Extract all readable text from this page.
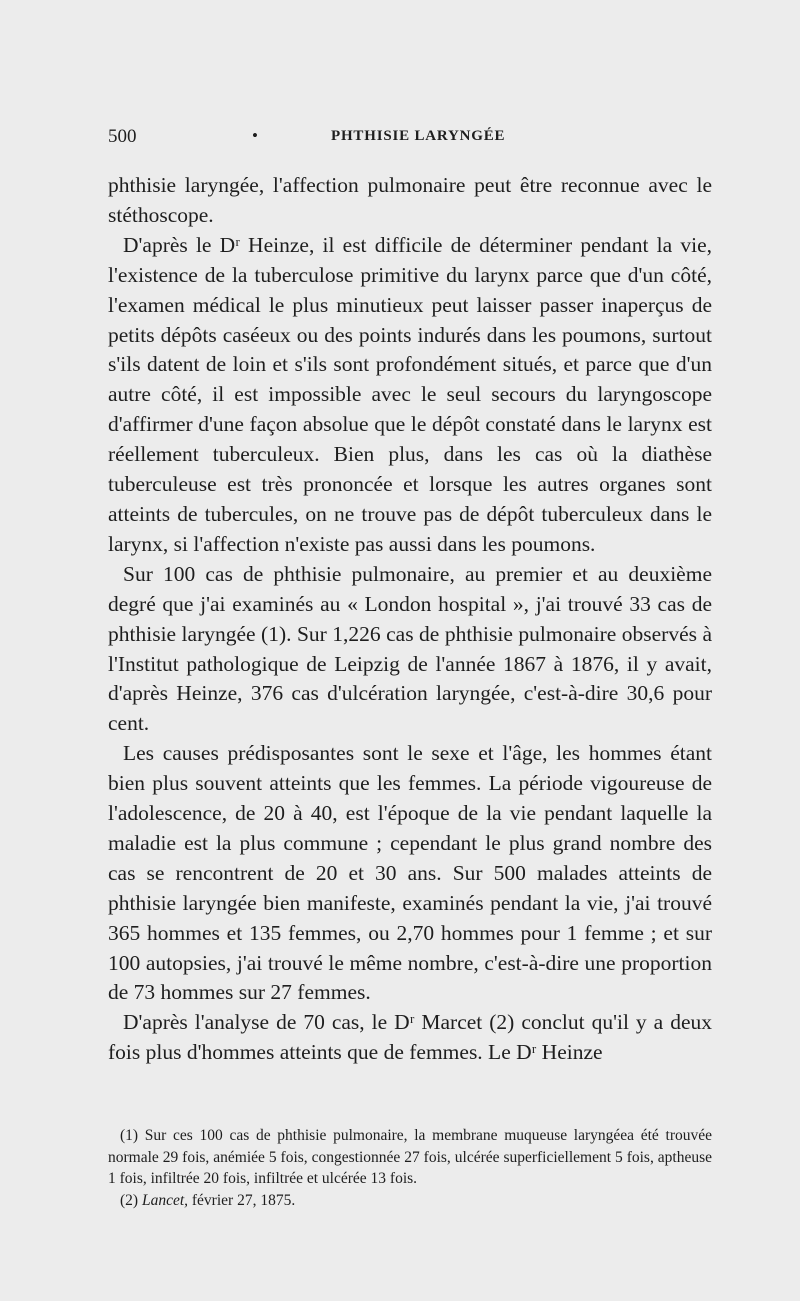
500	•	PHTHISIE LARYNGÉE

phthisie laryngée, l'affection pulmonaire peut être reconnue avec le stéthoscope.

D'après le Dʳ Heinze, il est difficile de déterminer pendant la vie, l'existence de la tuberculose primitive du larynx parce que d'un côté, l'examen médical le plus minutieux peut laisser passer inaperçus de petits dépôts caséeux ou des points indurés dans les poumons, surtout s'ils datent de loin et s'ils sont profondément situés, et parce que d'un autre côté, il est impossible avec le seul secours du laryngoscope d'affirmer d'une façon absolue que le dépôt constaté dans le larynx est réellement tuberculeux. Bien plus, dans les cas où la diathèse tuberculeuse est très prononcée et lorsque les autres organes sont atteints de tubercules, on ne trouve pas de dépôt tuberculeux dans le larynx, si l'affection n'existe pas aussi dans les poumons.

Sur 100 cas de phthisie pulmonaire, au premier et au deuxième degré que j'ai examinés au « London hospital », j'ai trouvé 33 cas de phthisie laryngée (1). Sur 1,226 cas de phthisie pulmonaire observés à l'Institut pathologique de Leipzig de l'année 1867 à 1876, il y avait, d'après Heinze, 376 cas d'ulcération laryngée, c'est-à-dire 30,6 pour cent.

Les causes prédisposantes sont le sexe et l'âge, les hommes étant bien plus souvent atteints que les femmes. La période vigoureuse de l'adolescence, de 20 à 40, est l'époque de la vie pendant laquelle la maladie est la plus commune ; cependant le plus grand nombre des cas se rencontrent de 20 et 30 ans. Sur 500 malades atteints de phthisie laryngée bien manifeste, examinés pendant la vie, j'ai trouvé 365 hommes et 135 femmes, ou 2,70 hommes pour 1 femme ; et sur 100 autopsies, j'ai trouvé le même nombre, c'est-à-dire une proportion de 73 hommes sur 27 femmes.

D'après l'analyse de 70 cas, le Dʳ Marcet (2) conclut qu'il y a deux fois plus d'hommes atteints que de femmes. Le Dʳ Heinze

(1) Sur ces 100 cas de phthisie pulmonaire, la membrane muqueuse laryngéea été trouvée normale 29 fois, anémiée 5 fois, congestionnée 27 fois, ulcérée superficiellement 5 fois, aptheuse 1 fois, infiltrée 20 fois, infiltrée et ulcérée 13 fois.

(2) Lancet, février 27, 1875.
